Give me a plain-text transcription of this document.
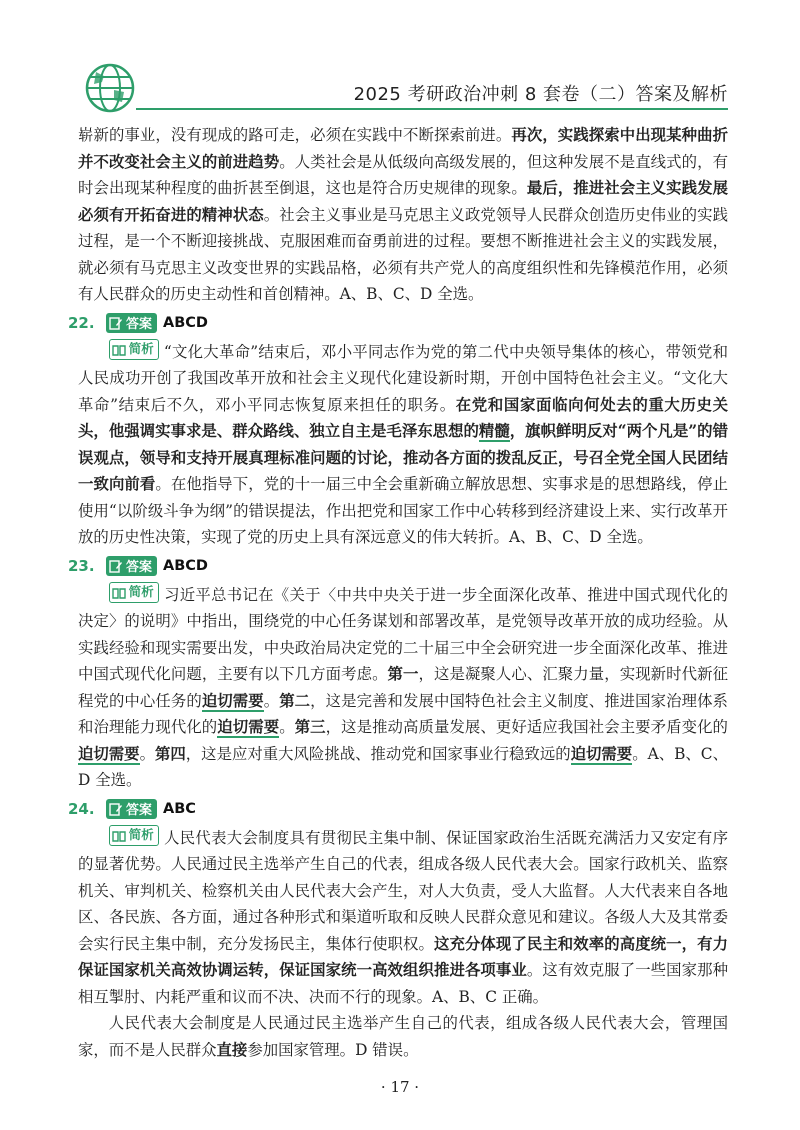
2025 考研政治冲刺 8 套卷（二）答案及解析

崭新的事业，没有现成的路可走，必须在实践中不断探索前进。再次，实践探索中出现某种曲折并不改变社会主义的前进趋势。人类社会是从低级向高级发展的，但这种发展不是直线式的，有时会出现某种程度的曲折甚至倒退，这也是符合历史规律的现象。最后，推进社会主义实践发展必须有开拓奋进的精神状态。社会主义事业是马克思主义政党领导人民群众创造历史伟业的实践过程，是一个不断迎接挑战、克服困难而奋勇前进的过程。要想不断推进社会主义的实践发展，就必须有马克思主义改变世界的实践品格，必须有共产党人的高度组织性和先锋模范作用，必须有人民群众的历史主动性和首创精神。A、B、C、D 全选。

22.	答案 ABCD

简析 “文化大革命”结束后，邓小平同志作为党的第二代中央领导集体的核心，带领党和人民成功开创了我国改革开放和社会主义现代化建设新时期，开创中国特色社会主义。“文化大革命”结束后不久，邓小平同志恢复原来担任的职务。在党和国家面临向何处去的重大历史关头，他强调实事求是、群众路线、独立自主是毛泽东思想的精髓，旗帜鲜明反对“两个凡是”的错误观点，领导和支持开展真理标准问题的讨论，推动各方面的拨乱反正，号召全党全国人民团结一致向前看。在他指导下，党的十一届三中全会重新确立解放思想、实事求是的思想路线，停止使用“以阶级斗争为纲”的错误提法，作出把党和国家工作中心转移到经济建设上来、实行改革开放的历史性决策，实现了党的历史上具有深远意义的伟大转折。A、B、C、D 全选。

23.	答案 ABCD

简析 习近平总书记在《关于〈中共中央关于进一步全面深化改革、推进中国式现代化的决定〉的说明》中指出，围绕党的中心任务谋划和部署改革，是党领导改革开放的成功经验。从实践经验和现实需要出发，中央政治局决定党的二十届三中全会研究进一步全面深化改革、推进中国式现代化问题，主要有以下几方面考虑。第一，这是凝聚人心、汇聚力量，实现新时代新征程党的中心任务的迫切需要。第二，这是完善和发展中国特色社会主义制度、推进国家治理体系和治理能力现代化的迫切需要。第三，这是推动高质量发展、更好适应我国社会主要矛盾变化的迫切需要。第四，这是应对重大风险挑战、推动党和国家事业行稳致远的迫切需要。A、B、C、D 全选。

24.	答案 ABC

简析 人民代表大会制度具有贯彻民主集中制、保证国家政治生活既充满活力又安定有序的显著优势。人民通过民主选举产生自己的代表，组成各级人民代表大会。国家行政机关、监察机关、审判机关、检察机关由人民代表大会产生，对人大负责，受人大监督。人大代表来自各地区、各民族、各方面，通过各种形式和渠道听取和反映人民群众意见和建议。各级人大及其常委会实行民主集中制，充分发扬民主，集体行使职权。这充分体现了民主和效率的高度统一，有力保证国家机关高效协调运转，保证国家统一高效组织推进各项事业。这有效克服了一些国家那种相互掣肘、内耗严重和议而不决、决而不行的现象。A、B、C 正确。

人民代表大会制度是人民通过民主选举产生自己的代表，组成各级人民代表大会，管理国家，而不是人民群众直接参加国家管理。D 错误。

· 17 ·
